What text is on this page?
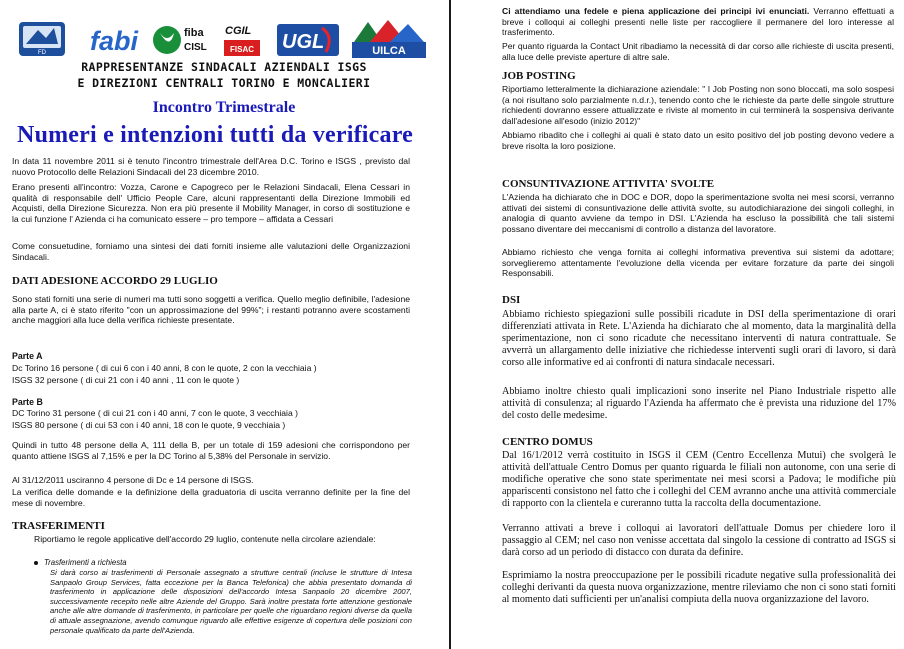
FD fabi	fiba
CISL
CGIL
FISAC UGL	UILCA
RAPPRESENTANZE SINDACALI AZIENDALI ISGS
E DIREZIONI CENTRALI TORINO E MONCALIERI
Incontro Trimestrale
Numeri e intenzioni tutti da verificare
In data 11 novembre 2011 si è tenuto l'incontro trimestrale dell'Area D.C. Torino e ISGS , previsto dal nuovo Protocollo delle Relazioni Sindacali del 23 dicembre 2010.
Erano presenti all'incontro: Vozza, Carone e Capogreco per le Relazioni Sindacali, Elena Cessari in qualità di responsabile dell' Ufficio People Care, alcuni rappresentanti della Direzione Immobili ed Acquisti, della Direzione Sicurezza. Non era più presente il Mobility Manager, in corso di sostituzione e la cui funzione l' Azienda ci ha comunicato essere – pro tempore – affidata a Cessari
Come consuetudine, forniamo una sintesi dei dati forniti insieme alle valutazioni delle Organizzazioni Sindacali.
DATI ADESIONE ACCORDO 29 LUGLIO
Sono stati forniti una serie di numeri ma tutti sono soggetti a verifica. Quello meglio definibile, l'adesione alla parte A, ci è stato riferito "con un approssimazione del 99%"; i restanti potranno avere scostamenti anche maggiori alla luce della verifica richieste presentate.
Parte A
Dc Torino 16 persone ( di cui 6 con i 40 anni, 8 con le quote, 2 con la vecchiaia )
ISGS 32 persone ( di cui 21 con i 40 anni , 11 con le quote )
Parte B
DC Torino 31 persone ( di cui 21 con i 40 anni, 7 con le quote, 3 vecchiaia )
ISGS 80 persone ( di cui 53 con i 40 anni, 18 con le quote, 9 vecchiaia )
Quindi in tutto 48 persone della A, 111 della B, per un totale di 159 adesioni che corrispondono per quanto attiene ISGS al 7,15% e per la DC Torino al 5,38% del Personale in servizio.
Al 31/12/2011 usciranno 4 persone di Dc e 14 persone di ISGS.
La verifica delle domande e la definizione della graduatoria di uscita verranno definite per la fine del mese di novembre.
TRASFERIMENTI
Riportiamo le regole applicative dell'accordo 29 luglio, contenute nella circolare aziendale:
Trasferimenti a richiesta
Si darà corso ai trasferimenti di Personale assegnato a strutture centrali (incluse le strutture di Intesa Sanpaolo Group Services, fatta eccezione per la Banca Telefonica) che abbia presentato domanda di trasferimento in applicazione delle disposizioni dell'accordo Intesa Sanpaolo 20 dicembre 2007, successivamente recepito nelle altre Aziende del Gruppo. Sarà inoltre prestata forte attenzione gestionale anche alle altre domande di trasferimento, in particolare per quelle che riguardano regioni diverse da quella di attuale assegnazione, avendo comunque riguardo alle effettive esigenze di copertura delle posizioni con personale qualificato da parte dell'Azienda.
Ci attendiamo una fedele e piena applicazione dei principi ivi enunciati. Verranno effettuati a breve i colloqui ai colleghi presenti nelle liste per raccogliere il permanere del loro interesse al trasferimento.
Per quanto riguarda la Contact Unit ribadiamo la necessità di dar corso alle richieste di uscita presenti, alla luce delle previste aperture di altre sale.
JOB POSTING
Riportiamo letteralmente la dichiarazione aziendale: " I Job Posting non sono bloccati, ma solo sospesi (a noi risultano solo parzialmente n.d.r.), tenendo conto che le richieste da parte delle singole strutture richiedenti dovranno essere attualizzate e riviste al momento in cui terminerà la sospensiva derivante dall'adesione all'esodo (inizio 2012)"
Abbiamo ribadito che i colleghi ai quali è stato dato un esito positivo del job posting devono vedere a breve risolta la loro posizione.
CONSUNTIVAZIONE ATTIVITA' SVOLTE
L'Azienda ha dichiarato che in DOC e DOR, dopo la sperimentazione svolta nei mesi scorsi, verranno attivati dei sistemi di consuntivazione delle attività svolte, su autodichiarazione dei singoli colleghi, in analogia di quanto avviene da tempo in DSI. L'Azienda ha escluso la possibilità che tali sistemi possano diventare dei meccanismi di controllo a distanza del lavoratore.
Abbiamo richiesto che venga fornita ai colleghi informativa preventiva sui sistemi da adottare; sorveglieremo attentamente l'evoluzione della vicenda per evitare forzature da parte dei singoli Responsabili.
DSI
Abbiamo richiesto spiegazioni sulle possibili ricadute in DSI della sperimentazione di orari differenziati attivata in Rete. L'Azienda ha dichiarato che al momento, data la marginalità della sperimentazione, non ci sono ricadute che necessitano interventi di natura contrattuale. Se avverrà un allargamento delle iniziative che richiedesse interventi sugli orari di lavoro, si darà corso alle informative ed ai confronti di natura sindacale necessari.
Abbiamo inoltre chiesto quali implicazioni sono inserite nel Piano Industriale rispetto alle attività di consulenza; al riguardo l'Azienda ha affermato che è prevista una riduzione del 17% del costo delle medesime.
CENTRO DOMUS
Dal 16/1/2012 verrà costituito in ISGS il CEM (Centro Eccellenza Mutui) che svolgerà le attività dell'attuale Centro Domus per quanto riguarda le filiali non autonome, con una serie di modifiche operative che sono state sperimentate nei mesi scorsi a Padova; le modifiche più appariscenti consistono nel fatto che i colleghi del CEM avranno anche una attività commerciale di rapporto con la clientela e cureranno tutta la raccolta della documentazione.
Verranno attivati a breve i colloqui ai lavoratori dell'attuale Domus per chiedere loro il passaggio al CEM; nel caso non venisse accettata dal singolo la cessione di contratto ad ISGS si darà corso ad un periodo di distacco con durata da definire.
Esprimiamo la nostra preoccupazione per le possibili ricadute negative sulla professionalità dei colleghi derivanti da questa nuova organizzazione, mentre rileviamo che non ci sono stati forniti al momento dati sufficienti per un'analisi compiuta della nuova organizzazione del lavoro.
